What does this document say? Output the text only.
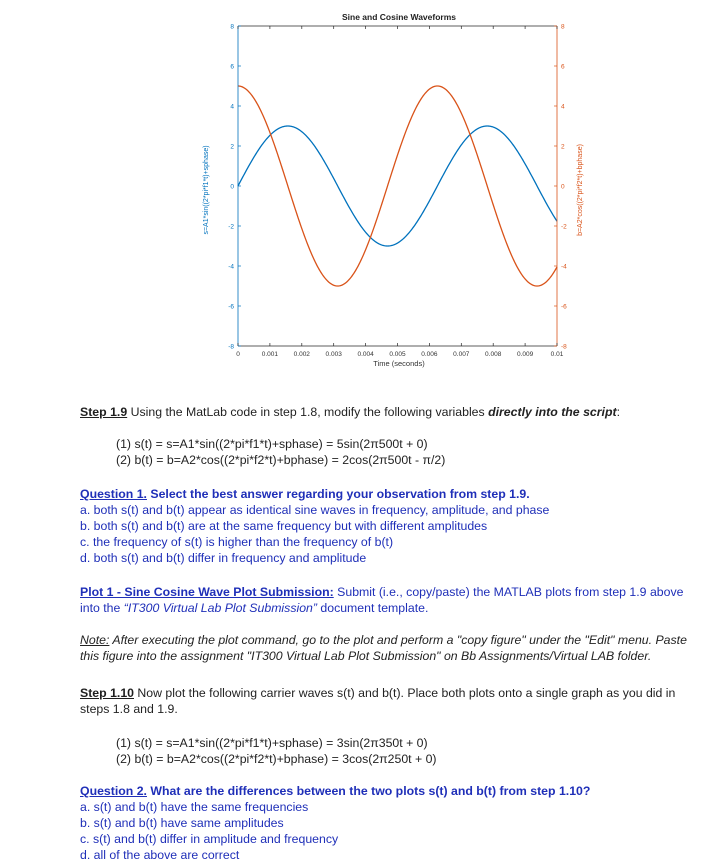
Sine and Cosine Waveforms
0	0.001 0.002 0.003 0.004 0.005 0.006 0.007 0.008 0.009	0.01
-8
-6
-4
-2
0
2
4
6
8
-8
-6
-4
-2
0
2
4
6
8
Time (seconds)
s=A1*sin((2*pi*f1*t)+sphase)	b=A2*cos((2*pi*f2*t)+bphase)
Step 1.9 Using the MatLab code in step 1.8, modify the following variables directly into the script:
(1) s(t) = s=A1*sin((2*pi*f1*t)+sphase) = 5sin(2π500t + 0)
(2) b(t) = b=A2*cos((2*pi*f2*t)+bphase) = 2cos(2π500t - π/2)
Question 1. Select the best answer regarding your observation from step 1.9.
a. both s(t) and b(t) appear as identical sine waves in frequency, amplitude, and phase
b. both s(t) and b(t) are at the same frequency but with different amplitudes
c. the frequency of s(t) is higher than the frequency of b(t)
d. both s(t) and b(t) differ in frequency and amplitude
Plot 1 - Sine Cosine Wave Plot Submission: Submit (i.e., copy/paste) the MATLAB plots from step 1.9 above into the “IT300 Virtual Lab Plot Submission” document template.
Note: After executing the plot command, go to the plot and perform a "copy figure" under the "Edit" menu. Paste this figure into the assignment "IT300 Virtual Lab Plot Submission" on Bb Assignments/Virtual LAB folder.
Step 1.10 Now plot the following carrier waves s(t) and b(t). Place both plots onto a single graph as you did in steps 1.8 and 1.9.
(1) s(t) = s=A1*sin((2*pi*f1*t)+sphase) = 3sin(2π350t + 0)
(2) b(t) = b=A2*cos((2*pi*f2*t)+bphase) = 3cos(2π250t + 0)
Question 2. What are the differences between the two plots s(t) and b(t) from step 1.10?
a. s(t) and b(t) have the same frequencies
b. s(t) and b(t) have same amplitudes
c. s(t) and b(t) differ in amplitude and frequency
d. all of the above are correct
